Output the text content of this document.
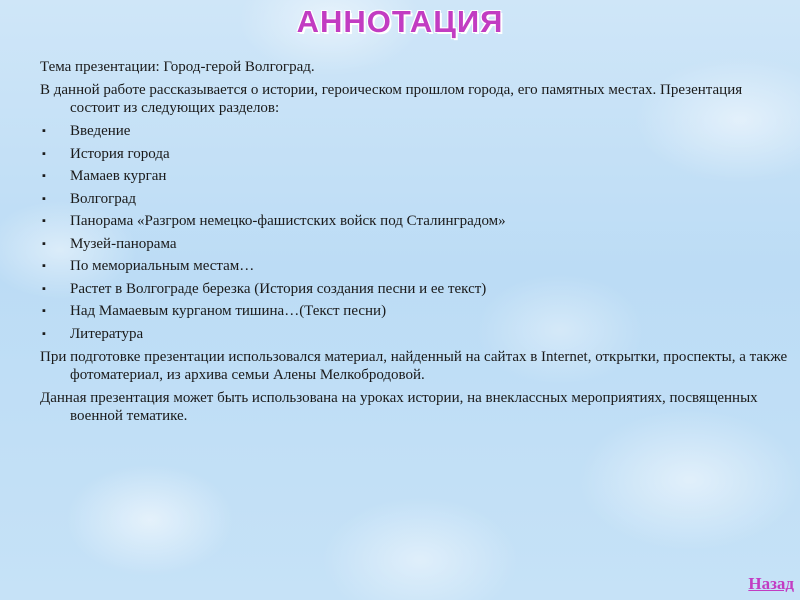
АННОТАЦИЯ

Тема презентации: Город-герой Волгоград.

В данной работе рассказывается о истории, героическом прошлом города, его памятных местах. Презентация состоит из следующих разделов:

▪ Введение
▪ История города
▪ Мамаев курган
▪ Волгоград
▪ Панорама «Разгром немецко-фашистских войск под Сталинградом»
▪ Музей-панорама
▪ По мемориальным местам…
▪ Растет в Волгограде березка (История создания песни и ее текст)
▪ Над Мамаевым курганом тишина…(Текст песни)
▪ Литература

При подготовке презентации использовался материал, найденный на сайтах в Internet, открытки, проспекты, а также фотоматериал, из архива семьи Алены Мелкобродовой.

Данная презентация может быть использована на уроках истории, на внеклассных мероприятиях, посвященных военной тематике.

Назад
